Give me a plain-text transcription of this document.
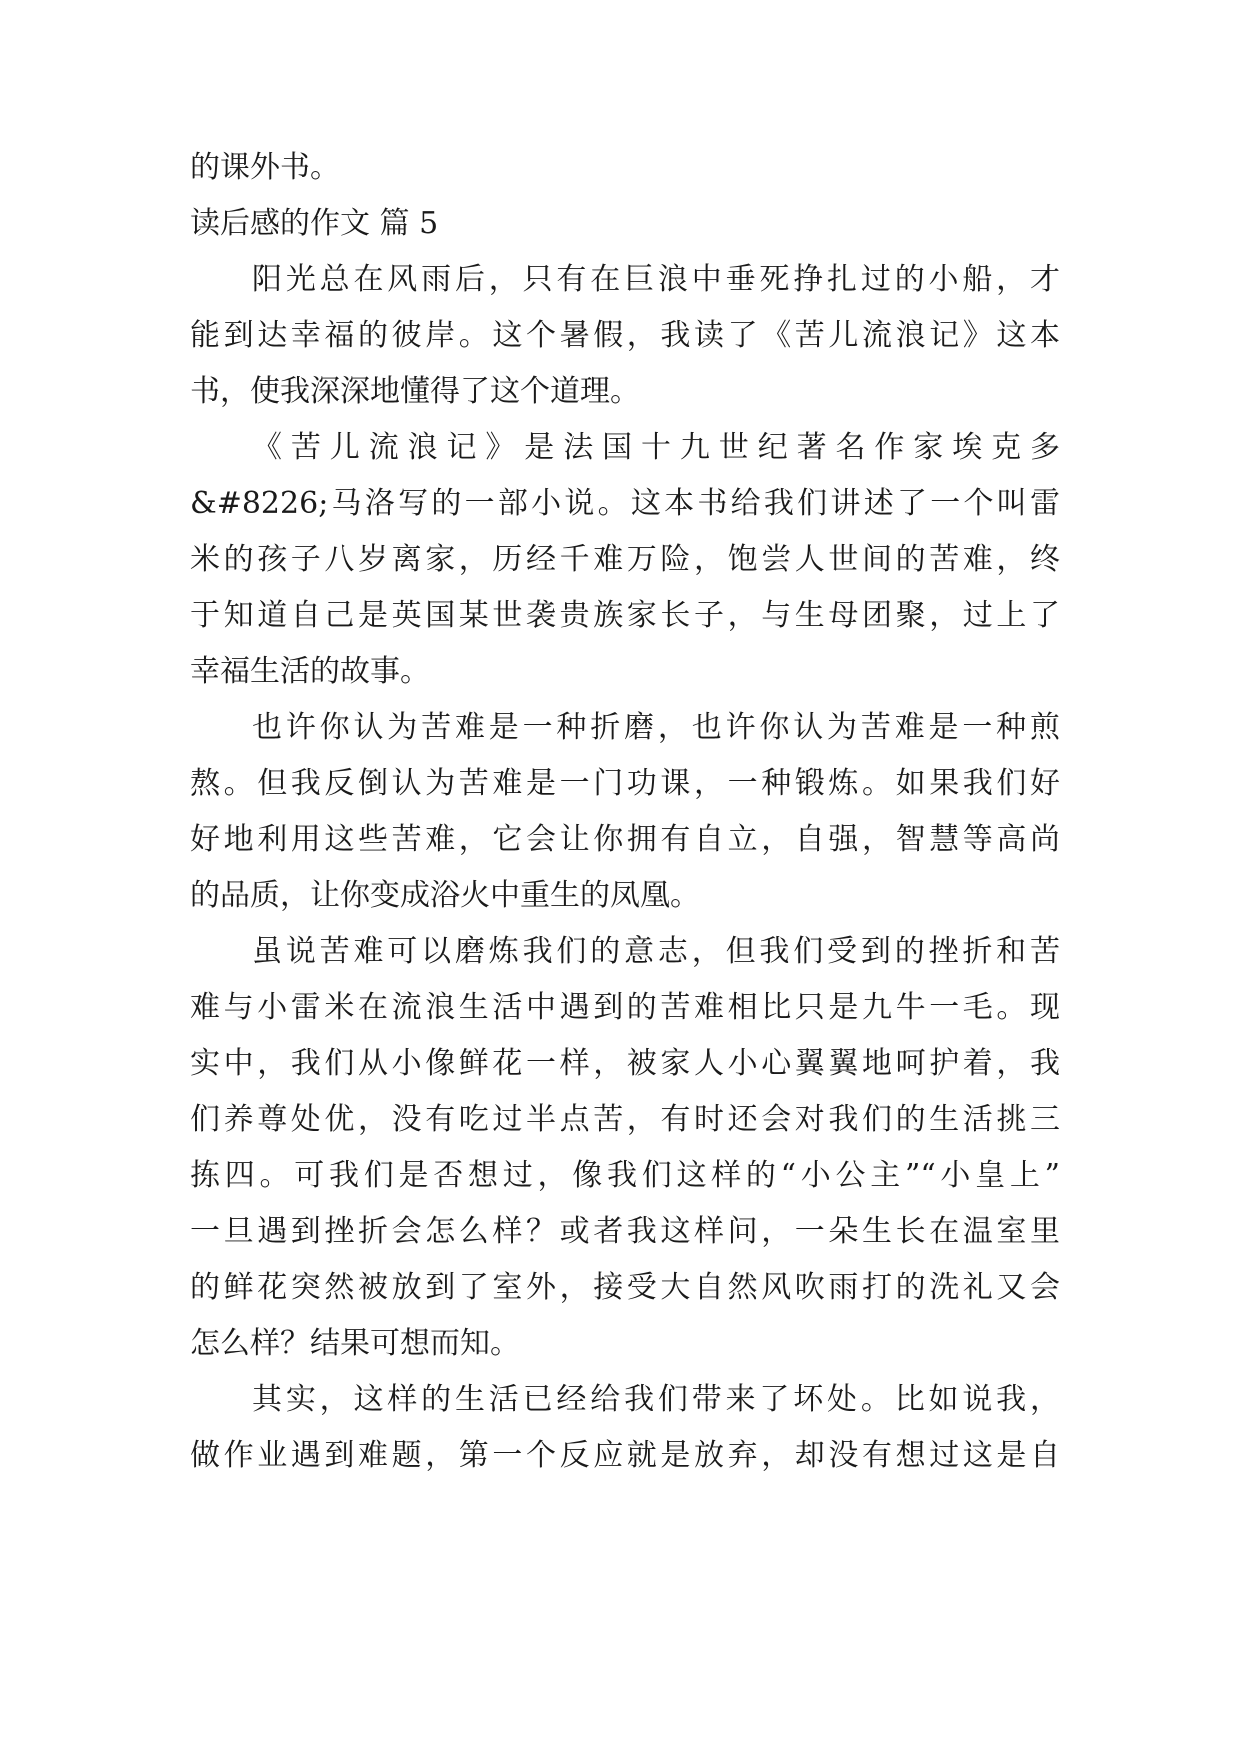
的课外书。
读后感的作文 篇 5
阳光总在风雨后，只有在巨浪中垂死挣扎过的小船，才
能到达幸福的彼岸。这个暑假，我读了《苦儿流浪记》这本
书，使我深深地懂得了这个道理。
《苦儿流浪记》是法国十九世纪著名作家埃克多
&#8226;马洛写的一部小说。这本书给我们讲述了一个叫雷
米的孩子八岁离家，历经千难万险，饱尝人世间的苦难，终
于知道自己是英国某世袭贵族家长子，与生母团聚，过上了
幸福生活的故事。
也许你认为苦难是一种折磨，也许你认为苦难是一种煎
熬。但我反倒认为苦难是一门功课，一种锻炼。如果我们好
好地利用这些苦难，它会让你拥有自立，自强，智慧等高尚
的品质，让你变成浴火中重生的凤凰。
虽说苦难可以磨炼我们的意志，但我们受到的挫折和苦
难与小雷米在流浪生活中遇到的苦难相比只是九牛一毛。现
实中，我们从小像鲜花一样，被家人小心翼翼地呵护着，我
们养尊处优，没有吃过半点苦，有时还会对我们的生活挑三
拣四。可我们是否想过，像我们这样的“小公主”“小皇上”
一旦遇到挫折会怎么样？或者我这样问，一朵生长在温室里
的鲜花突然被放到了室外，接受大自然风吹雨打的洗礼又会
怎么样？结果可想而知。
其实，这样的生活已经给我们带来了坏处。比如说我，
做作业遇到难题，第一个反应就是放弃，却没有想过这是自
